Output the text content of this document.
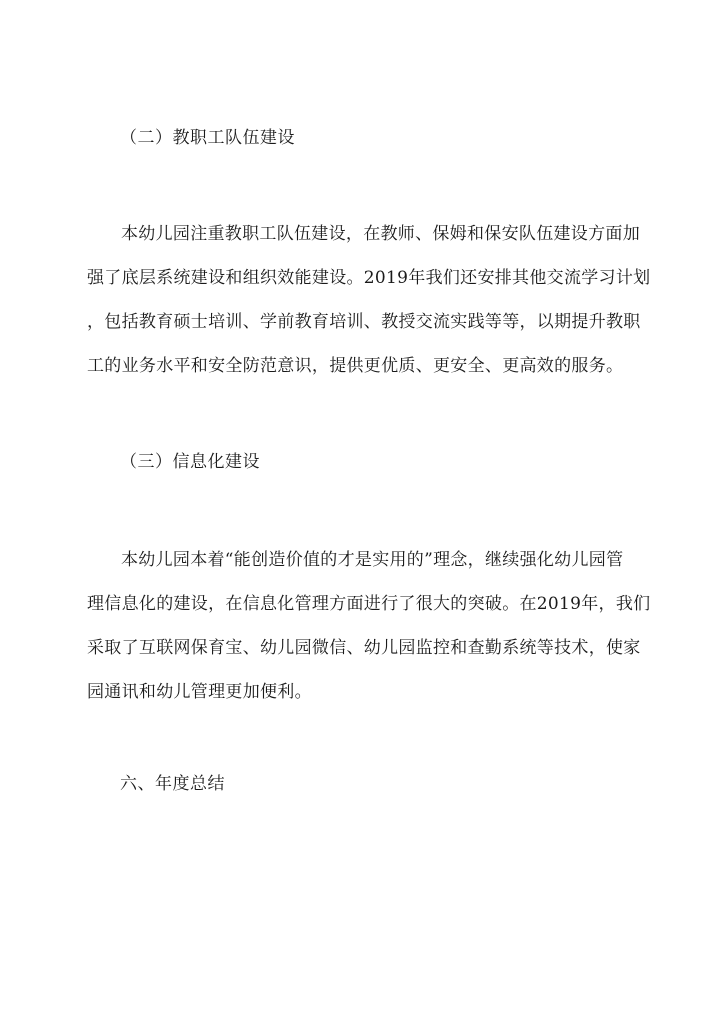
（二）教职工队伍建设
本幼儿园注重教职工队伍建设，在教师、保姆和保安队伍建设方面加
强了底层系统建设和组织效能建设。2019年我们还安排其他交流学习计划
，包括教育硕士培训、学前教育培训、教授交流实践等等，以期提升教职
工的业务水平和安全防范意识，提供更优质、更安全、更高效的服务。
（三）信息化建设
本幼儿园本着“能创造价值的才是实用的”理念，继续强化幼儿园管
理信息化的建设，在信息化管理方面进行了很大的突破。在2019年，我们
采取了互联网保育宝、幼儿园微信、幼儿园监控和查勤系统等技术，使家
园通讯和幼儿管理更加便利。
六、年度总结
